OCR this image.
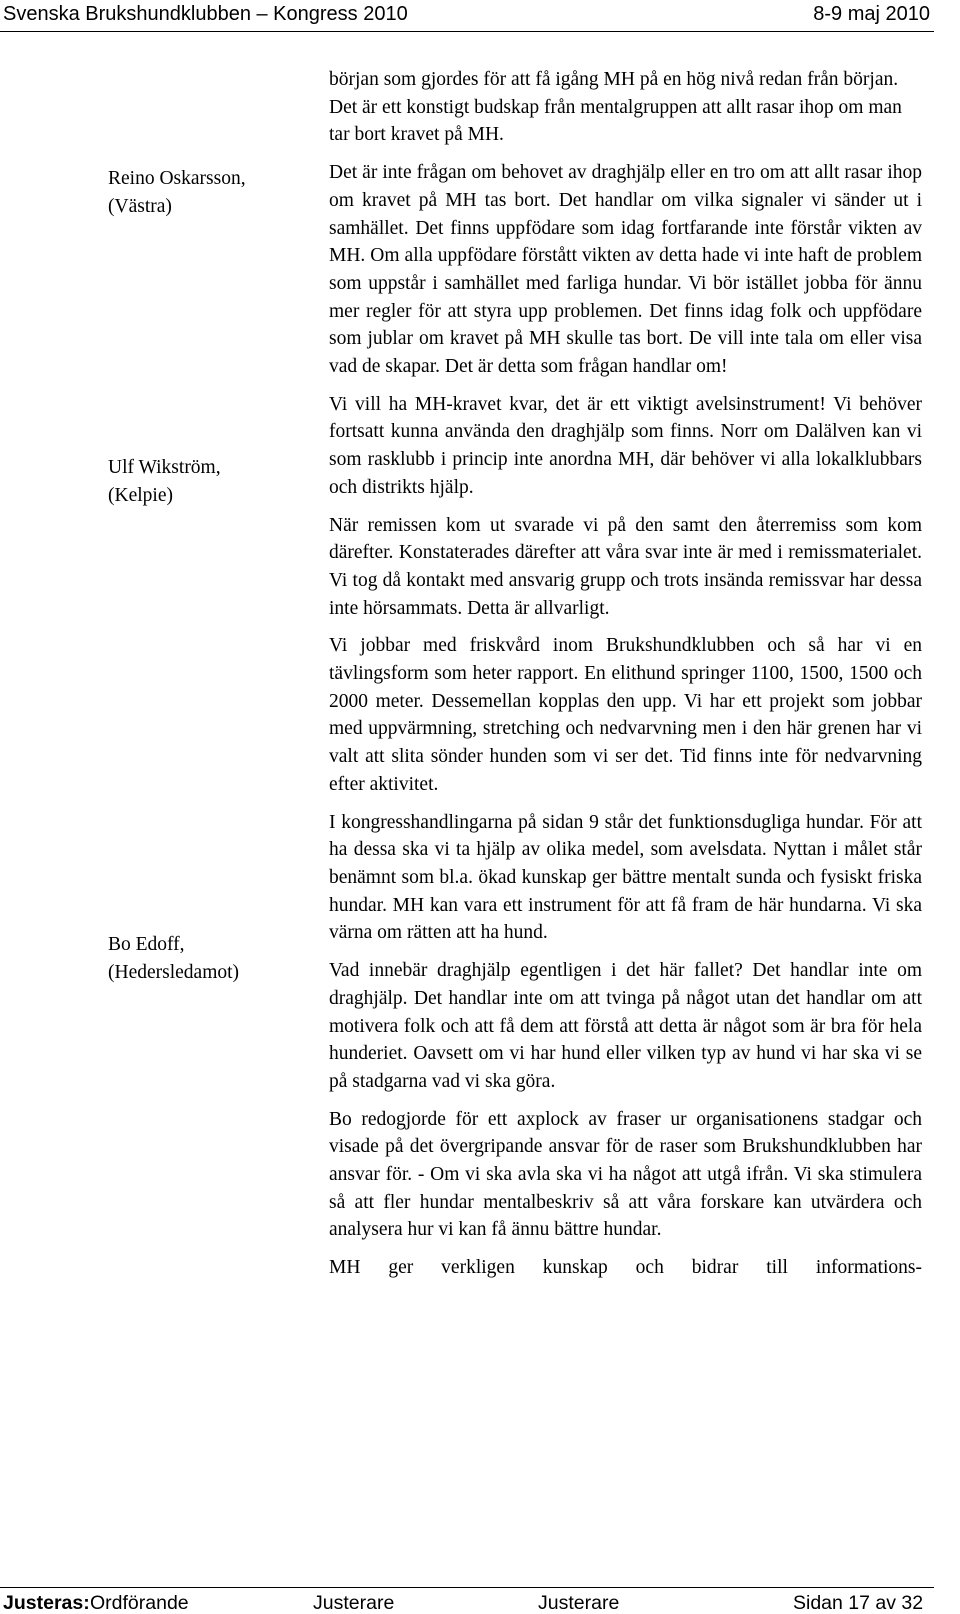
Svenska Brukshundklubben – Kongress 2010	8-9 maj 2010
Reino Oskarsson,
(Västra)
Ulf Wikström,
(Kelpie)
Bo Edoff,
(Hedersledamot)

början som gjordes för att få igång MH på en hög nivå redan från början. Det är ett konstigt budskap från mentalgruppen att allt rasar ihop om man tar bort kravet på MH.

Det är inte frågan om behovet av draghjälp eller en tro om att allt rasar ihop om kravet på MH tas bort. Det handlar om vilka signaler vi sänder ut i samhället. Det finns uppfödare som idag fortfarande inte förstår vikten av MH. Om alla uppfödare förstått vikten av detta hade vi inte haft de problem som uppstår i samhället med farliga hundar. Vi bör istället jobba för ännu mer regler för att styra upp problemen. Det finns idag folk och uppfödare som jublar om kravet på MH skulle tas bort. De vill inte tala om eller visa vad de skapar. Det är detta som frågan handlar om!

Vi vill ha MH-kravet kvar, det är ett viktigt avelsinstrument! Vi behöver fortsatt kunna använda den draghjälp som finns. Norr om Dalälven kan vi som rasklubb i princip inte anordna MH, där behöver vi alla lokalklubbars och distrikts hjälp.

När remissen kom ut svarade vi på den samt den återremiss som kom därefter. Konstaterades därefter att våra svar inte är med i remissmaterialet. Vi tog då kontakt med ansvarig grupp och trots insända remissvar har dessa inte hörsammats. Detta är allvarligt.

Vi jobbar med friskvård inom Brukshundklubben och så har vi en tävlingsform som heter rapport. En elithund springer 1100, 1500, 1500 och 2000 meter. Dessemellan kopplas den upp. Vi har ett projekt som jobbar med uppvärmning, stretching och nedvarvning men i den här grenen har vi valt att slita sönder hunden som vi ser det. Tid finns inte för nedvarvning efter aktivitet.

I kongresshandlingarna på sidan 9 står det funktionsdugliga hundar. För att ha dessa ska vi ta hjälp av olika medel, som avelsdata. Nyttan i målet står benämnt som bl.a. ökad kunskap ger bättre mentalt sunda och fysiskt friska hundar. MH kan vara ett instrument för att få fram de här hundarna. Vi ska värna om rätten att ha hund.

Vad innebär draghjälp egentligen i det här fallet? Det handlar inte om draghjälp. Det handlar inte om att tvinga på något utan det handlar om att motivera folk och att få dem att förstå att detta är något som är bra för hela hunderiet. Oavsett om vi har hund eller vilken typ av hund vi har ska vi se på stadgarna vad vi ska göra.

Bo redogjorde för ett axplock av fraser ur organisationens stadgar och visade på det övergripande ansvar för de raser som Brukshundklubben har ansvar för. - Om vi ska avla ska vi ha något att utgå ifrån. Vi ska stimulera så att fler hundar mentalbeskriv så att våra forskare kan utvärdera och analysera hur vi kan få ännu bättre hundar.

MH ger verkligen kunskap och bidrar till informations-

Justeras: Ordförande	Justerare	Justerare	Sidan 17 av 32
